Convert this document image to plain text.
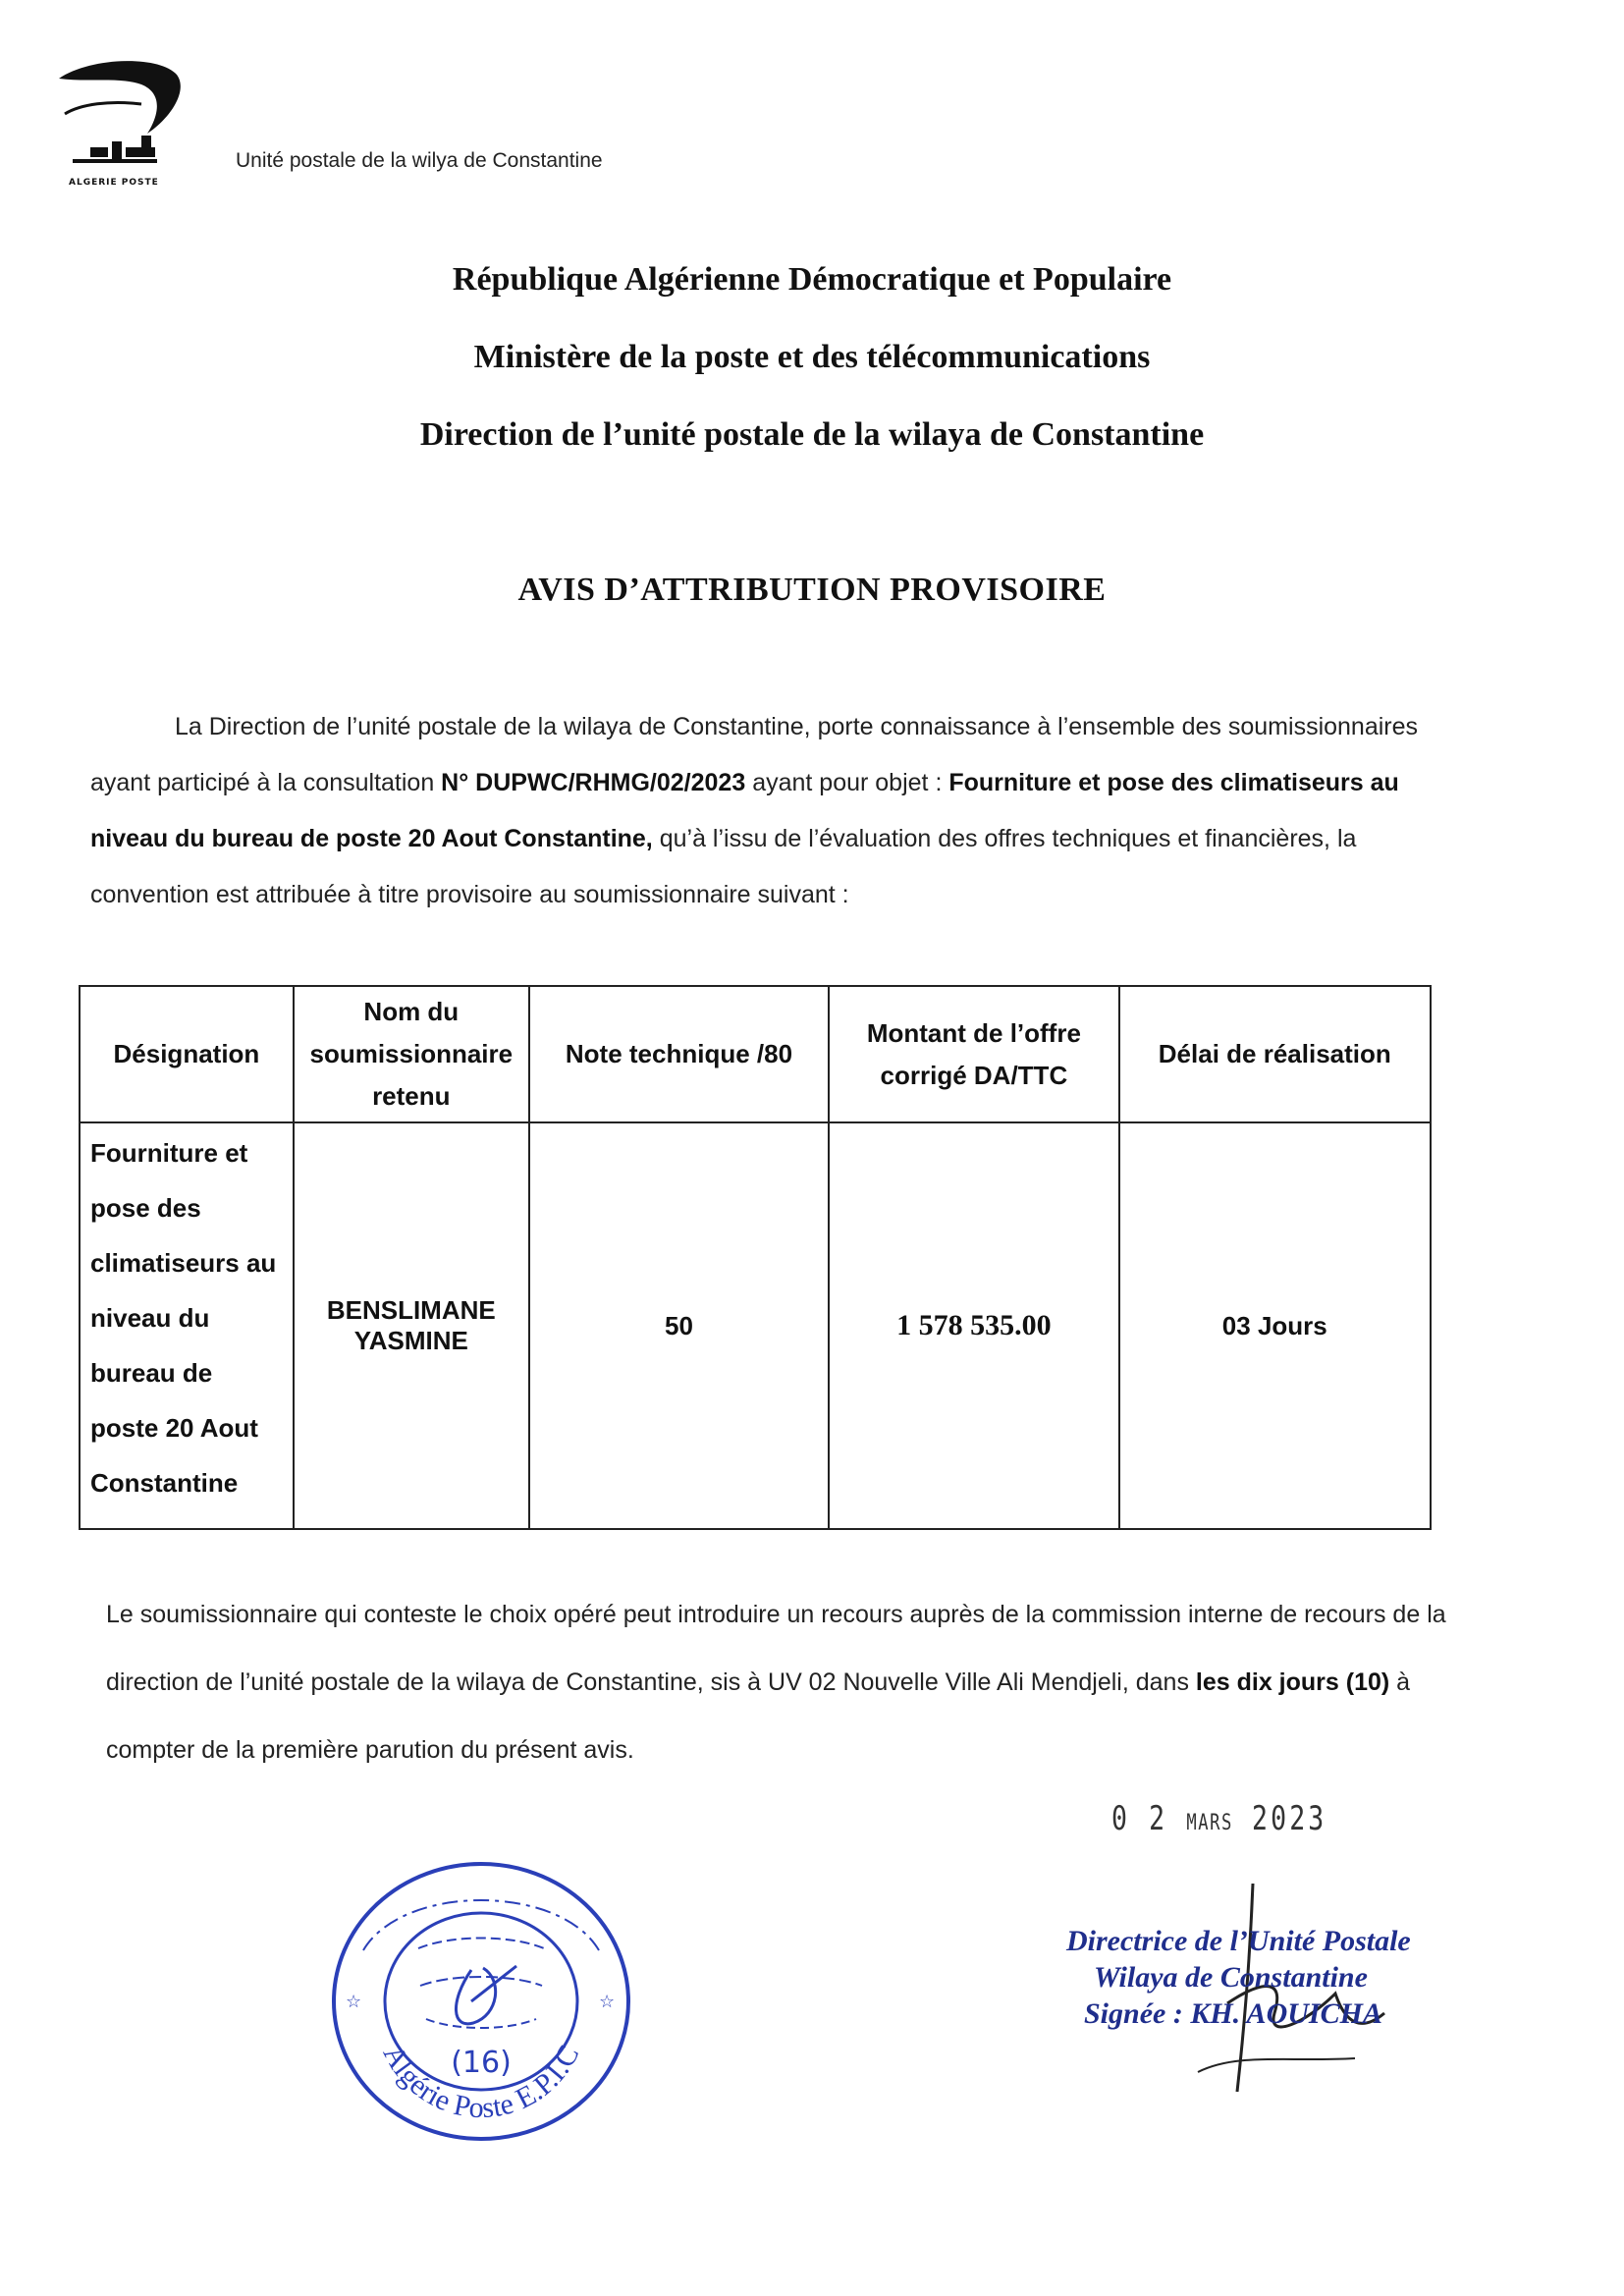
ALGERIE POSTE
Unité postale de la wilya de Constantine
République Algérienne Démocratique et Populaire
Ministère de la poste et des télécommunications
Direction de l’unité postale de la wilaya de Constantine
AVIS D’ATTRIBUTION PROVISOIRE
La Direction de l’unité postale de la wilaya de Constantine, porte connaissance à l’ensemble des soumissionnaires ayant participé à la consultation N° DUPWC/RHMG/02/2023 ayant pour objet : Fourniture et pose des climatiseurs au niveau du bureau de poste 20 Aout Constantine, qu’à l’issu de l’évaluation des offres techniques et financières, la convention est attribuée à titre provisoire au soumissionnaire suivant :
Désignation	Nom du soumissionnaire retenu	Note technique /80	Montant de l’offre corrigé DA/TTC	Délai de réalisation
Fourniture et pose des climatiseurs au niveau du bureau de poste 20 Aout Constantine	BENSLIMANE YASMINE	50	1 578 535.00	03 Jours
Le soumissionnaire qui conteste le choix opéré peut introduire un recours auprès de la commission interne de recours de la direction de l’unité postale de la wilaya de Constantine, sis à UV 02 Nouvelle Ville Ali Mendjeli, dans les dix jours (10) à compter de la première parution du présent avis.
0 2 MARS 2023
☆	☆
(16)
Algérie Poste E.P.I.C
Directrice de l’Unité Postale
Wilaya de Constantine
Signée : KH. AOUICHA
